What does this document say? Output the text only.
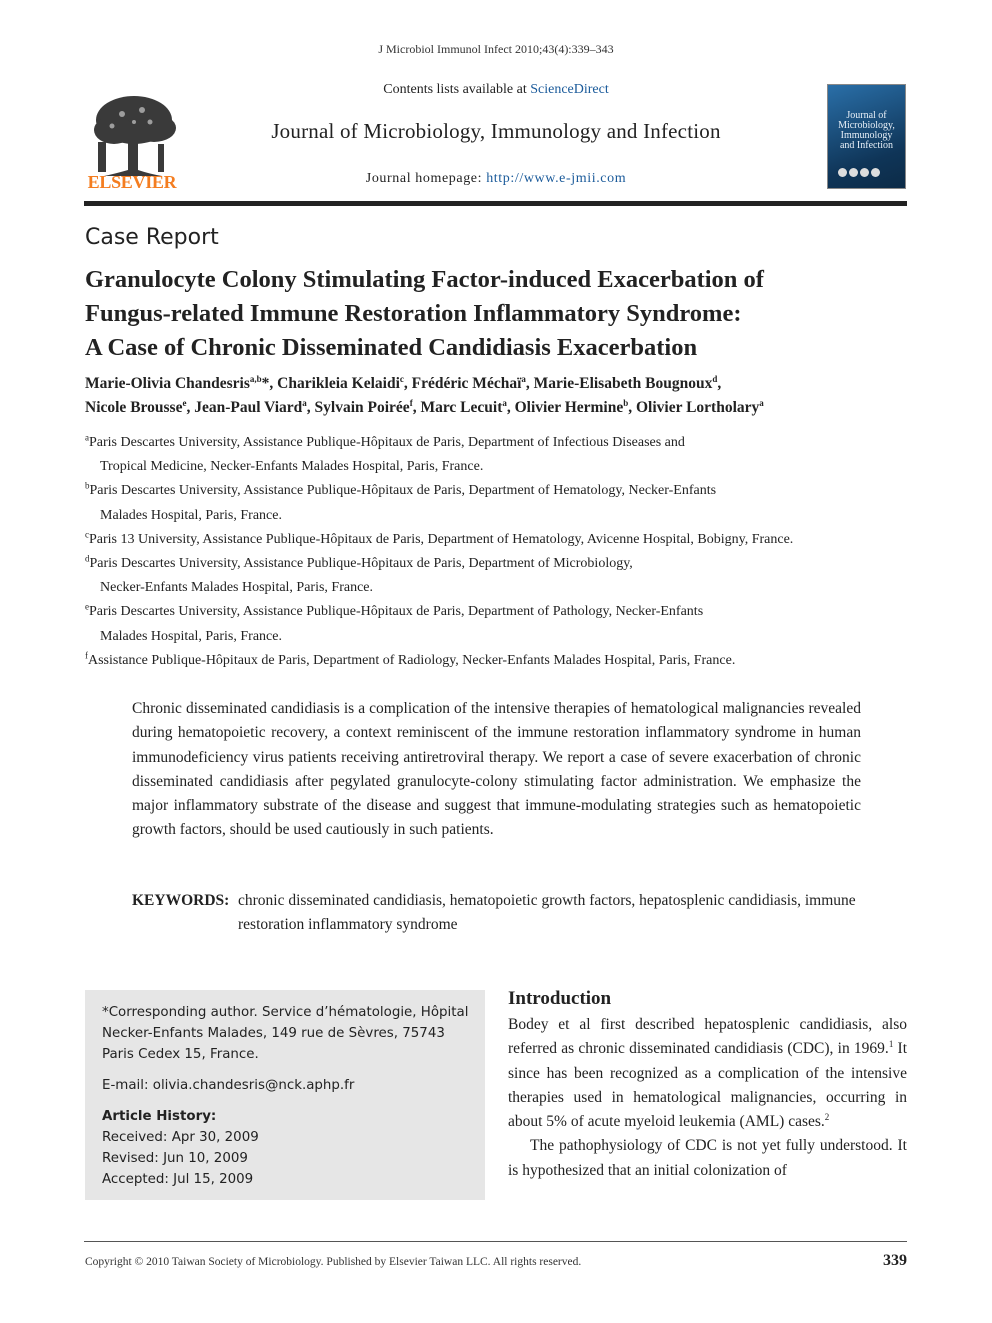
J Microbiol Immunol Infect 2010;43(4):339–343
Contents lists available at ScienceDirect
Journal of Microbiology, Immunology and Infection
Journal homepage: http://www.e-jmii.com
ELSEVIER
Journal of
Microbiology,
Immunology
and Infection
Case Report
Granulocyte Colony Stimulating Factor-induced Exacerbation of
Fungus-related Immune Restoration Inflammatory Syndrome:
A Case of Chronic Disseminated Candidiasis Exacerbation
Marie-Olivia Chandesris$^{a,b}$*, Charikleia Kelaidi$^c$, Frédéric Méchaï$^a$, Marie-Elisabeth Bougnoux$^d$,
Nicole Brousse$^e$, Jean-Paul Viard$^a$, Sylvain Poirée$^f$, Marc Lecuit$^a$, Olivier Hermine$^b$, Olivier Lortholary$^a$
$^a$Paris Descartes University, Assistance Publique-Hôpitaux de Paris, Department of Infectious Diseases and
Tropical Medicine, Necker-Enfants Malades Hospital, Paris, France.
$^b$Paris Descartes University, Assistance Publique-Hôpitaux de Paris, Department of Hematology, Necker-Enfants
Malades Hospital, Paris, France.
$^c$Paris 13 University, Assistance Publique-Hôpitaux de Paris, Department of Hematology, Avicenne Hospital, Bobigny, France.
$^d$Paris Descartes University, Assistance Publique-Hôpitaux de Paris, Department of Microbiology,
Necker-Enfants Malades Hospital, Paris, France.
$^e$Paris Descartes University, Assistance Publique-Hôpitaux de Paris, Department of Pathology, Necker-Enfants
Malades Hospital, Paris, France.
$^f$Assistance Publique-Hôpitaux de Paris, Department of Radiology, Necker-Enfants Malades Hospital, Paris, France.
Chronic disseminated candidiasis is a complication of the intensive therapies of hematological malignancies revealed during hematopoietic recovery, a context reminiscent of the immune restoration inflammatory syndrome in human immunodeficiency virus patients receiving antiretroviral therapy. We report a case of severe exacerbation of chronic disseminated candidiasis after pegylated granulocyte-colony stimulating factor administration. We emphasize the major inflammatory substrate of the disease and suggest that immune-modulating strategies such as hematopoietic growth factors, should be used cautiously in such patients.
KEYWORDS: chronic disseminated candidiasis, hematopoietic growth factors, hepatosplenic candidiasis, immune restoration inflammatory syndrome
*Corresponding author. Service d’hématologie, Hôpital Necker-Enfants Malades, 149 rue de Sèvres, 75743 Paris Cedex 15, France.
E-mail: olivia.chandesris@nck.aphp.fr
Article History:
Received: Apr 30, 2009
Revised: Jun 10, 2009
Accepted: Jul 15, 2009
Introduction
Bodey et al first described hepatosplenic candidiasis, also referred as chronic disseminated candidiasis (CDC), in 1969.$^1$ It since has been recognized as a complication of the intensive therapies used in hematological malignancies, occurring in about 5% of acute myeloid leukemia (AML) cases.$^2$
The pathophysiology of CDC is not yet fully understood. It is hypothesized that an initial colonization of
Copyright © 2010 Taiwan Society of Microbiology. Published by Elsevier Taiwan LLC. All rights reserved.	339
